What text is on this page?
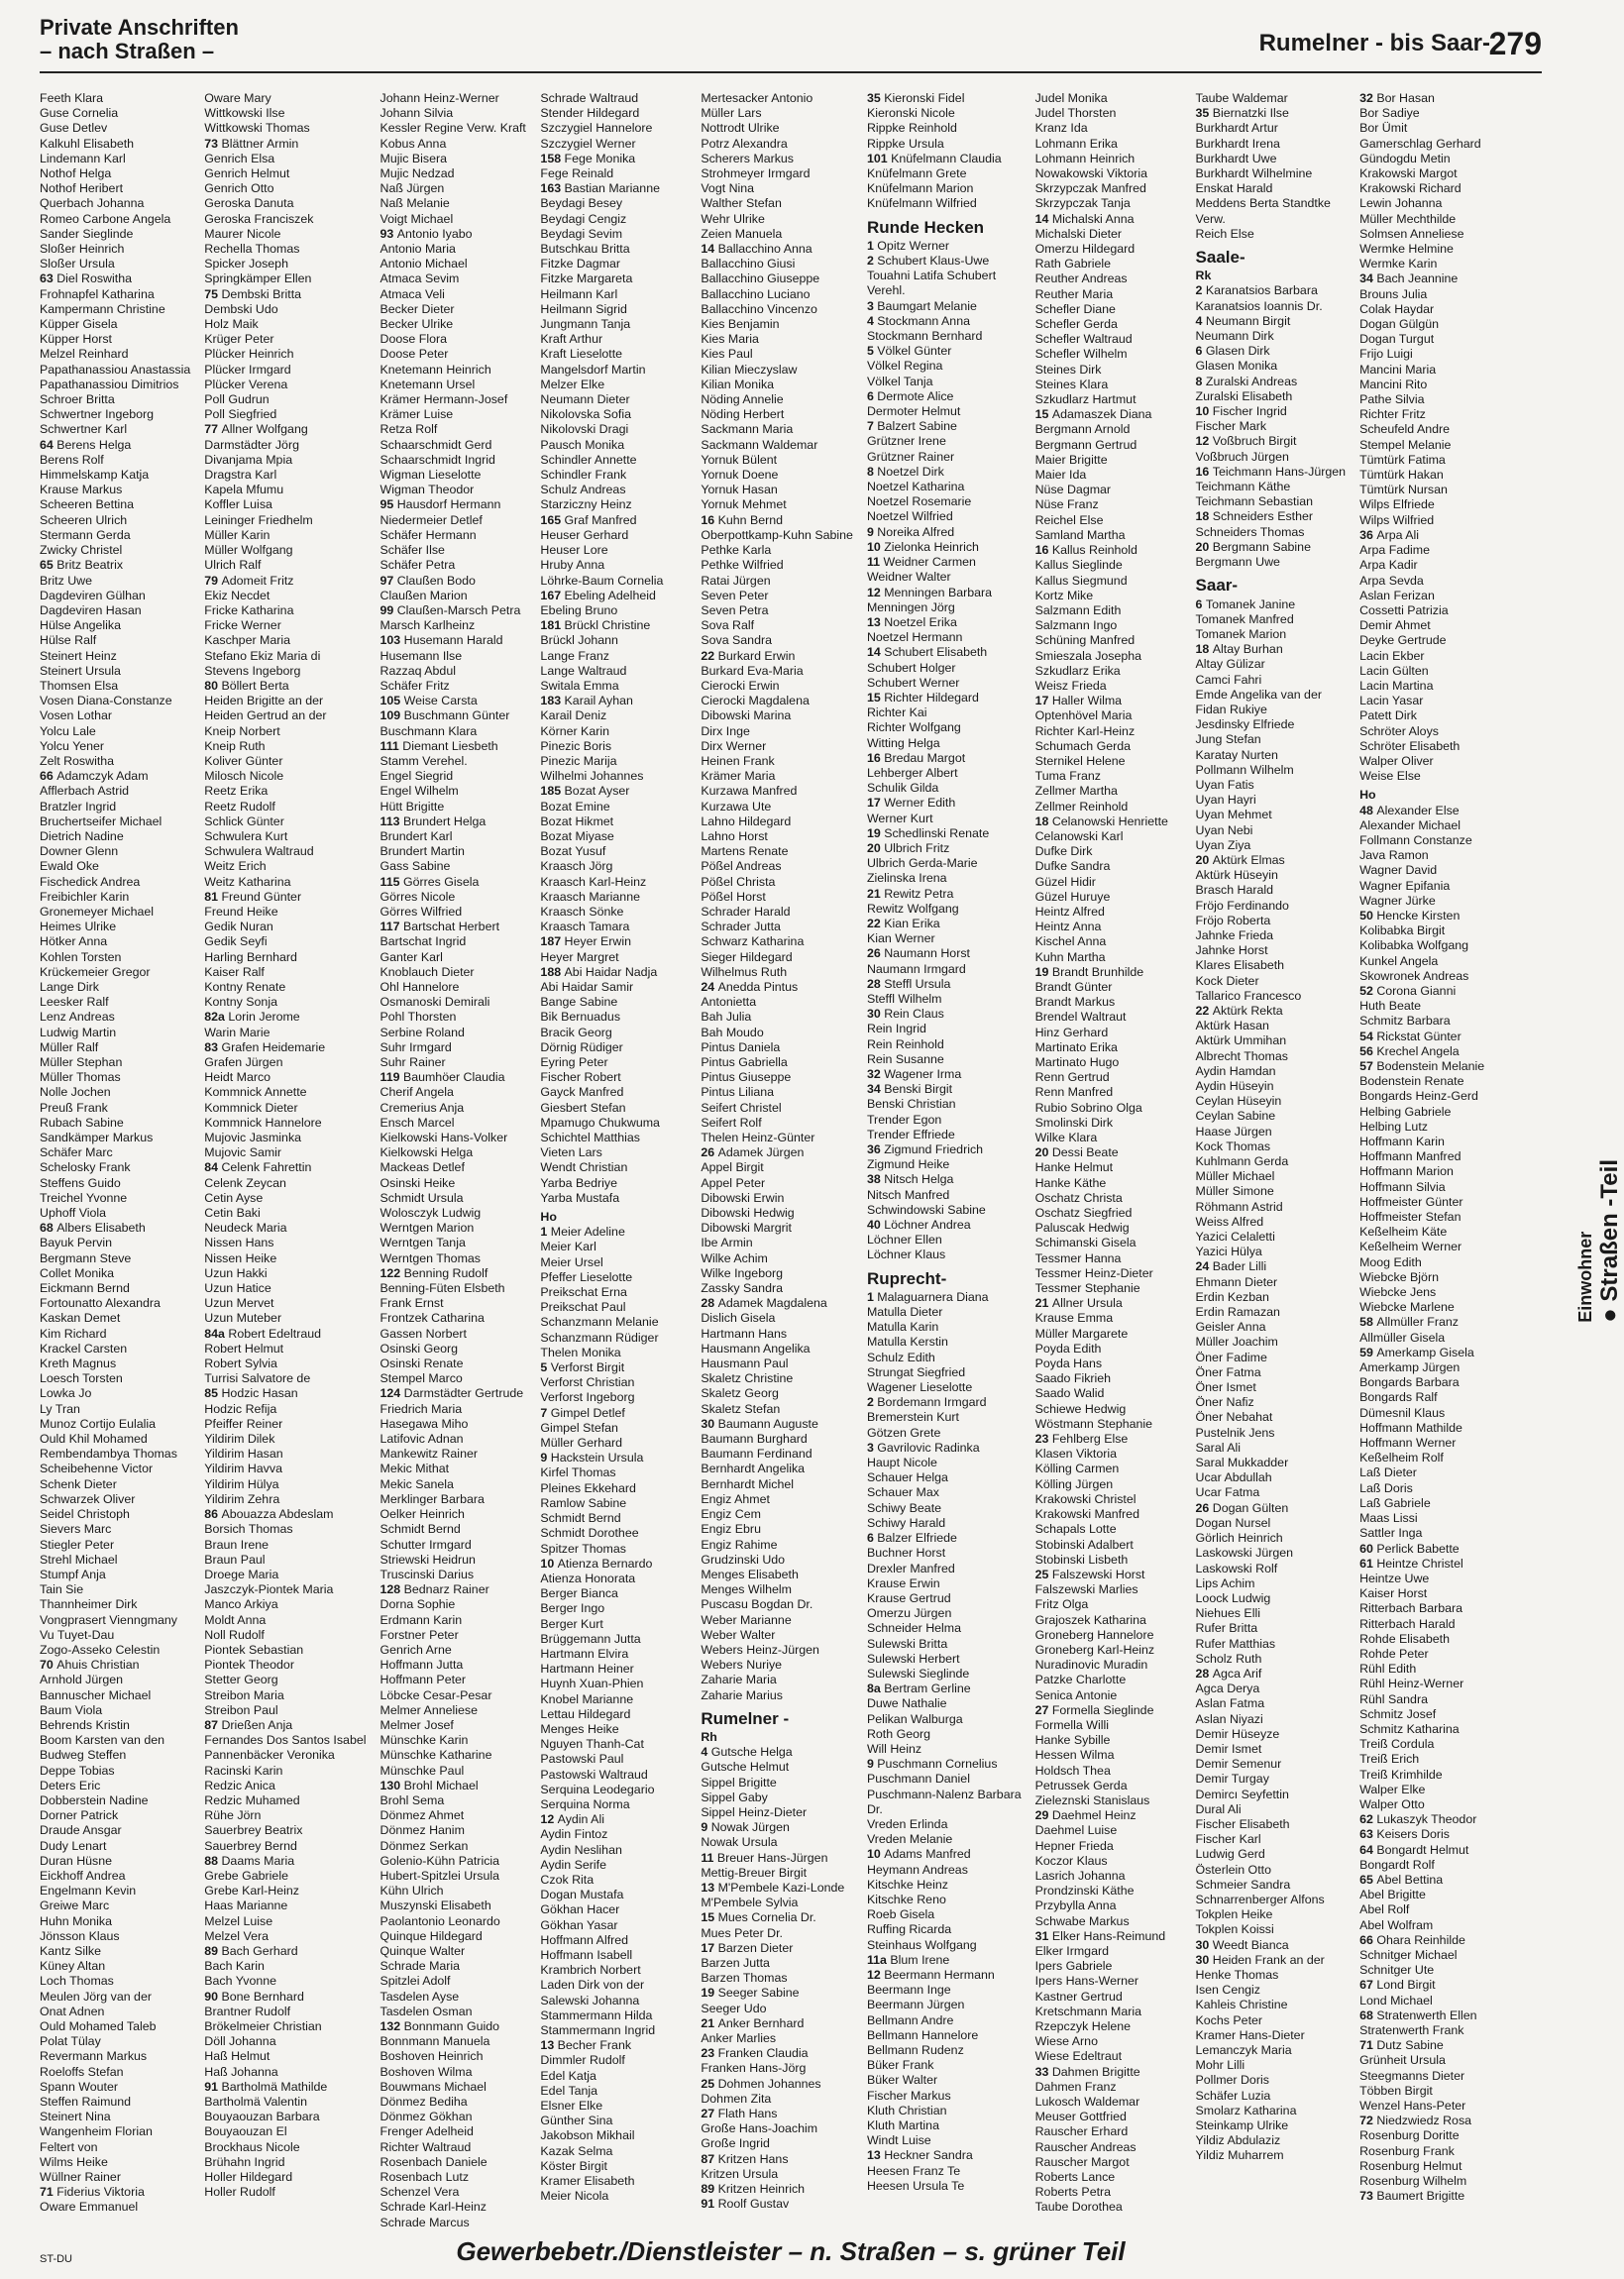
Private Anschriften
– nach Straßen –	Rumelner - bis Saar-
279
Feeth Klara
Guse Cornelia
Guse Detlev
Kalkuhl Elisabeth
Lindemann Karl
Nothof Helga
Nothof Heribert
Querbach Johanna
Romeo Carbone Angela
Sander Sieglinde
Sloßer Heinrich
Sloßer Ursula
63 Diel Roswitha
Frohnapfel Katharina
Kampermann Christine
Küpper Gisela
Küpper Horst
Melzel Reinhard
Papathanassiou Anastassia
Papathanassiou Dimitrios
Schroer Britta
Schwertner Ingeborg
Schwertner Karl
64 Berens Helga
Berens Rolf
Himmelskamp Katja
Krause Markus
Scheeren Bettina
Scheeren Ulrich
Stermann Gerda
Zwicky Christel
65 Britz Beatrix
Britz Uwe
Dagdeviren Gülhan
Dagdeviren Hasan
Hülse Angelika
Hülse Ralf
Steinert Heinz
Steinert Ursula
Thomsen Elsa
Vosen Diana-Constanze
Vosen Lothar
Yolcu Lale
Yolcu Yener
Zelt Roswitha
66 Adamczyk Adam
Afflerbach Astrid
Bratzler Ingrid
Bruchertseifer Michael
Dietrich Nadine
Downer Glenn
Ewald Oke
Fischedick Andrea
Freibichler Karin
Gronemeyer Michael
Heimes Ulrike
Hötker Anna
Kohlen Torsten
Krückemeier Gregor
Lange Dirk
Leesker Ralf
Lenz Andreas
Ludwig Martin
Müller Ralf
Müller Stephan
Müller Thomas
Nolle Jochen
Preuß Frank
Rubach Sabine
Sandkämper Markus
Schäfer Marc
Schelosky Frank
Steffens Guido
Treichel Yvonne
Uphoff Viola
68 Albers Elisabeth
Bayuk Pervin
Bergmann Steve
Collet Monika
Eickmann Bernd
Fortounatto Alexandra
Kaskan Demet
Kim Richard
Krackel Carsten
Kreth Magnus
Loesch Torsten
Lowka Jo
Ly Tran
Munoz Cortijo Eulalia
Ould Khil Mohamed
Rembendambya Thomas
Scheibehenne Victor
Schenk Dieter
Schwarzek Oliver
Seidel Christoph
Sievers Marc
Stiegler Peter
Strehl Michael
Stumpf Anja
Tain Sie
Thannheimer Dirk
Vongprasert Vienngmany
Vu Tuyet-Dau
Zogo-Asseko Celestin
70 Ahuis Christian
Arnhold Jürgen
Bannuscher Michael
Baum Viola
Behrends Kristin
Boom Karsten van den
Budweg Steffen
Deppe Tobias
Deters Eric
Dobberstein Nadine
Dorner Patrick
Draude Ansgar
Dudy Lenart
Duran Hüsne
Eickhoff Andrea
Engelmann Kevin
Greiwe Marc
Huhn Monika
Jönsson Klaus
Kantz Silke
Küney Altan
Loch Thomas
Meulen Jörg van der
Onat Adnen
Ould Mohamed Taleb
Polat Tülay
Revermann Markus
Roeloffs Stefan
Spann Wouter
Steffen Raimund
Steinert Nina
Wangenheim Florian
Feltert von
Wilms Heike
Wüllner Rainer
71 Fiderius Viktoria
Oware Emmanuel
Oware Mary
Wittkowski Ilse
Wittkowski Thomas
73 Blättner Armin
Genrich Elsa
Genrich Helmut
Genrich Otto
Geroska Danuta
Geroska Franciszek
Maurer Nicole
Rechella Thomas
Spicker Joseph
Springkämper Ellen
75 Dembski Britta
Dembski Udo
Holz Maik
Krüger Peter
Plücker Heinrich
Plücker Irmgard
Plücker Verena
Poll Gudrun
Poll Siegfried
77 Allner Wolfgang
Darmstädter Jörg
Divanjama Mpia
Dragstra Karl
Kapela Mfumu
Koffler Luisa
Leininger Friedhelm
Müller Karin
Müller Wolfgang
Ulrich Ralf
79 Adomeit Fritz
Ekiz Necdet
Fricke Katharina
Fricke Werner
Kaschper Maria
Stefano Ekiz Maria di
Stevens Ingeborg
80 Böllert Berta
Heiden Brigitte an der
Heiden Gertrud an der
Kneip Norbert
Kneip Ruth
Koliver Günter
Milosch Nicole
Reetz Erika
Reetz Rudolf
Schlick Günter
Schwulera Kurt
Schwulera Waltraud
Weitz Erich
Weitz Katharina
81 Freund Günter
Freund Heike
Gedik Nuran
Gedik Seyfi
Harling Bernhard
Kaiser Ralf
Kontny Renate
Kontny Sonja
82a Lorin Jerome
Warin Marie
83 Grafen Heidemarie
Grafen Jürgen
Heidt Marco
Kommnick Annette
Kommnick Dieter
Kommnick Hannelore
Mujovic Jasminka
Mujovic Samir
84 Celenk Fahrettin
Celenk Zeycan
Cetin Ayse
Cetin Baki
Neudeck Maria
Nissen Hans
Nissen Heike
Uzun Hakki
Uzun Hatice
Uzun Mervet
Uzun Muteber
84a Robert Edeltraud
Robert Helmut
Robert Sylvia
Turrisi Salvatore de
85 Hodzic Hasan
Hodzic Refija
Pfeiffer Reiner
Yildirim Dilek
Yildirim Hasan
Yildirim Havva
Yildirim Hülya
Yildirim Zehra
86 Abouazza Abdeslam
Borsich Thomas
Braun Irene
Braun Paul
Droege Maria
Jaszczyk-Piontek Maria
Manco Arkiya
Moldt Anna
Noll Rudolf
Piontek Sebastian
Piontek Theodor
Stetter Georg
Streibon Maria
Streibon Paul
87 Drießen Anja
Fernandes Dos Santos Isabel
Pannenbäcker Veronika
Racinski Karin
Redzic Anica
Redzic Muhamed
Rühe Jörn
Sauerbrey Beatrix
Sauerbrey Bernd
88 Daams Maria
Grebe Gabriele
Grebe Karl-Heinz
Haas Marianne
Melzel Luise
Melzel Vera
89 Bach Gerhard
Bach Karin
Bach Yvonne
90 Bone Bernhard
Brantner Rudolf
Brökelmeier Christian
Döll Johanna
Haß Helmut
Haß Johanna
91 Bartholmä Mathilde
Bartholmä Valentin
Bouyaouzan Barbara
Bouyaouzan El
Brockhaus Nicole
Brühahn Ingrid
Holler Hildegard
Holler Rudolf
Johann Heinz-Werner
Johann Silvia
Kessler Regine Verw. Kraft
Kobus Anna
Mujic Bisera
Mujic Nedzad
Naß Jürgen
Naß Melanie
Voigt Michael
93 Antonio Iyabo
Antonio Maria
Antonio Michael
Atmaca Sevim
Atmaca Veli
Becker Dieter
Becker Ulrike
Doose Flora
Doose Peter
Knetemann Heinrich
Knetemann Ursel
Krämer Hermann-Josef
Krämer Luise
Retza Rolf
Schaarschmidt Gerd
Schaarschmidt Ingrid
Wigman Lieselotte
Wigman Theodor
95 Hausdorf Hermann
Niedermeier Detlef
Schäfer Hermann
Schäfer Ilse
Schäfer Petra
97 Claußen Bodo
Claußen Marion
99 Claußen-Marsch Petra
Marsch Karlheinz
103 Husemann Harald
Husemann Ilse
Razzaq Abdul
Schäfer Fritz
105 Weise Carsta
109 Buschmann Günter
Buschmann Klara
111 Diemant Liesbeth
Stamm Verehel.
Engel Siegrid
Engel Wilhelm
Hütt Brigitte
113 Brundert Helga
Brundert Karl
Brundert Martin
Gass Sabine
115 Görres Gisela
Görres Nicole
Görres Wilfried
117 Bartschat Herbert
Bartschat Ingrid
Ganter Karl
Knoblauch Dieter
Ohl Hannelore
Osmanoski Demirali
Pohl Thorsten
Serbine Roland
Suhr Irmgard
Suhr Rainer
119 Baumhöer Claudia
Cherif Angela
Cremerius Anja
Ensch Marcel
Kielkowski Hans-Volker
Kielkowski Helga
Mackeas Detlef
Osinski Heike
Schmidt Ursula
Wolosczyk Ludwig
Werntgen Marion
Werntgen Tanja
Werntgen Thomas
122 Benning Rudolf
Benning-Füten Elsbeth
Frank Ernst
Frontzek Catharina
Gassen Norbert
Osinski Georg
Osinski Renate
Stempel Marco
124 Darmstädter Gertrude
Friedrich Maria
Hasegawa Miho
Latifovic Adnan
Mankewitz Rainer
Mekic Mithat
Mekic Sanela
Merklinger Barbara
Oelker Heinrich
Schmidt Bernd
Schutter Irmgard
Striewski Heidrun
Truscinski Darius
128 Bednarz Rainer
Dorna Sophie
Erdmann Karin
Forstner Peter
Genrich Arne
Hoffmann Jutta
Hoffmann Peter
Löbcke Cesar-Pesar
Melmer Anneliese
Melmer Josef
Münschke Karin
Münschke Katharine
Münschke Paul
130 Brohl Michael
Brohl Sema
Dönmez Ahmet
Dönmez Hanim
Dönmez Serkan
Golenio-Kühn Patricia
Hubert-Spitzlei Ursula
Kühn Ulrich
Muszynski Elisabeth
Paolantonio Leonardo
Quinque Hildegard
Quinque Walter
Schrade Maria
Spitzlei Adolf
Tasdelen Ayse
Tasdelen Osman
132 Bonnmann Guido
Bonnmann Manuela
Boshoven Heinrich
Boshoven Wilma
Bouwmans Michael
Dönmez Bediha
Dönmez Gökhan
Frenger Adelheid
Richter Waltraud
Rosenbach Daniele
Rosenbach Lutz
Schenzel Vera
Schrade Karl-Heinz
Schrade Marcus
Schrade Waltraud
Stender Hildegard
Szczygiel Hannelore
Szczygiel Werner
158 Fege Monika
Fege Reinald
163 Bastian Marianne
Beydagi Besey
Beydagi Cengiz
Beydagi Sevim
Butschkau Britta
Fitzke Dagmar
Fitzke Margareta
Heilmann Karl
Heilmann Sigrid
Jungmann Tanja
Kraft Arthur
Kraft Lieselotte
Mangelsdorf Martin
Melzer Elke
Neumann Dieter
Nikolovska Sofia
Nikolovski Dragi
Pausch Monika
Schindler Annette
Schindler Frank
Schulz Andreas
Starziczny Heinz
165 Graf Manfred
Heuser Gerhard
Heuser Lore
Hruby Anna
Löhrke-Baum Cornelia
167 Ebeling Adelheid
Ebeling Bruno
181 Brückl Christine
Brückl Johann
Lange Franz
Lange Waltraud
Switala Emma
183 Karail Ayhan
Karail Deniz
Körner Karin
Pinezic Boris
Pinezic Marija
Wilhelmi Johannes
185 Bozat Ayser
Bozat Emine
Bozat Hikmet
Bozat Miyase
Bozat Yusuf
Kraasch Jörg
Kraasch Karl-Heinz
Kraasch Marianne
Kraasch Sönke
Kraasch Tamara
187 Heyer Erwin
Heyer Margret
188 Abi Haidar Nadja
Abi Haidar Samir
Bange Sabine
Bik Bernuadus
Bracik Georg
Dörnig Rüdiger
Eyring Peter
Fischer Robert
Gayck Manfred
Giesbert Stefan
Mpamugo Chukwuma
Schichtel Matthias
Vieten Lars
Wendt Christian
Yarba Bedriye
Yarba Mustafa
Ho
1 Meier Adeline
Meier Karl
Meier Ursel
Pfeffer Lieselotte
Preikschat Erna
Preikschat Paul
Schanzmann Melanie
Schanzmann Rüdiger
Thelen Monika
5 Verforst Birgit
Verforst Christian
Verforst Ingeborg
7 Gimpel Detlef
Gimpel Stefan
Müller Gerhard
9 Hackstein Ursula
Kirfel Thomas
Pleines Ekkehard
Ramlow Sabine
Schmidt Bernd
Schmidt Dorothee
Spitzer Thomas
10 Atienza Bernardo
Atienza Honorata
Berger Bianca
Berger Ingo
Berger Kurt
Brüggemann Jutta
Hartmann Elvira
Hartmann Heiner
Huynh Xuan-Phien
Knobel Marianne
Lettau Hildegard
Menges Heike
Nguyen Thanh-Cat
Pastowski Paul
Pastowski Waltraud
Serquina Leodegario
Serquina Norma
12 Aydin Ali
Aydin Fintoz
Aydin Neslihan
Aydin Serife
Czok Rita
Dogan Mustafa
Gökhan Hacer
Gökhan Yasar
Hoffmann Alfred
Hoffmann Isabell
Krambrich Norbert
Laden Dirk von der
Salewski Johanna
Stammermann Hilda
Stammermann Ingrid
13 Becher Frank
Dimmler Rudolf
Edel Katja
Edel Tanja
Elsner Elke
Günther Sina
Jakobson Mikhail
Kazak Selma
Köster Birgit
Kramer Elisabeth
Meier Nicola
Mertesacker Antonio
Müller Lars
Nottrodt Ulrike
Potrz Alexandra
Scherers Markus
Strohmeyer Irmgard
Vogt Nina
Walther Stefan
Wehr Ulrike
Zeien Manuela
14 Ballacchino Anna
Ballacchino Giusi
Ballacchino Giuseppe
Ballacchino Luciano
Ballacchino Vincenzo
Kies Benjamin
Kies Maria
Kies Paul
Kilian Mieczyslaw
Kilian Monika
Nöding Annelie
Nöding Herbert
Sackmann Maria
Sackmann Waldemar
Yornuk Bülent
Yornuk Doene
Yornuk Hasan
Yornuk Mehmet
16 Kuhn Bernd
Oberpottkamp-Kuhn Sabine
Pethke Karla
Pethke Wilfried
Ratai Jürgen
Seven Peter
Seven Petra
Sova Ralf
Sova Sandra
22 Burkard Erwin
Burkard Eva-Maria
Cierocki Erwin
Cierocki Magdalena
Dibowski Marina
Dirx Inge
Dirx Werner
Heinen Frank
Krämer Maria
Kurzawa Manfred
Kurzawa Ute
Lahno Hildegard
Lahno Horst
Martens Renate
Pößel Andreas
Pößel Christa
Pößel Horst
Schrader Harald
Schrader Jutta
Schwarz Katharina
Sieger Hildegard
Wilhelmus Ruth
24 Anedda Pintus
Antonietta
Bah Julia
Bah Moudo
Pintus Daniela
Pintus Gabriella
Pintus Giuseppe
Pintus Liliana
Seifert Christel
Seifert Rolf
Thelen Heinz-Günter
26 Adamek Jürgen
Appel Birgit
Appel Peter
Dibowski Erwin
Dibowski Hedwig
Dibowski Margrit
Ibe Armin
Wilke Achim
Wilke Ingeborg
Zassky Sandra
28 Adamek Magdalena
Dislich Gisela
Hartmann Hans
Hausmann Angelika
Hausmann Paul
Skaletz Christine
Skaletz Georg
Skaletz Stefan
30 Baumann Auguste
Baumann Burghard
Baumann Ferdinand
Bernhardt Angelika
Bernhardt Michel
Engiz Ahmet
Engiz Cem
Engiz Ebru
Engiz Rahime
Grudzinski Udo
Menges Elisabeth
Menges Wilhelm
Puscasu Bogdan Dr.
Weber Marianne
Weber Walter
Webers Heinz-Jürgen
Webers Nuriye
Zaharie Maria
Zaharie Marius
Rumelner -
Rh
4 Gutsche Helga
Gutsche Helmut
Sippel Brigitte
Sippel Gaby
Sippel Heinz-Dieter
9 Nowak Jürgen
Nowak Ursula
11 Breuer Hans-Jürgen
Mettig-Breuer Birgit
13 M'Pembele Kazi-Londe
M'Pembele Sylvia
15 Mues Cornelia Dr.
Mues Peter Dr.
17 Barzen Dieter
Barzen Jutta
Barzen Thomas
19 Seeger Sabine
Seeger Udo
21 Anker Bernhard
Anker Marlies
23 Franken Claudia
Franken Hans-Jörg
25 Dohmen Johannes
Dohmen Zita
27 Flath Hans
Große Hans-Joachim
Große Ingrid
87 Kritzen Hans
Kritzen Ursula
89 Kritzen Heinrich
91 Roolf Gustav
35 Kieronski Fidel
Kieronski Nicole
Rippke Reinhold
Rippke Ursula
101 Knüfelmann Claudia
Knüfelmann Grete
Knüfelmann Marion
Knüfelmann Wilfried
Runde Hecken
1 Opitz Werner
2 Schubert Klaus-Uwe
Touahni Latifa Schubert
Verehl.
3 Baumgart Melanie
4 Stockmann Anna
Stockmann Bernhard
5 Völkel Günter
Völkel Regina
Völkel Tanja
6 Dermote Alice
Dermoter Helmut
7 Balzert Sabine
Grützner Irene
Grützner Rainer
8 Noetzel Dirk
Noetzel Katharina
Noetzel Rosemarie
Noetzel Wilfried
9 Noreika Alfred
10 Zielonka Heinrich
11 Weidner Carmen
Weidner Walter
12 Menningen Barbara
Menningen Jörg
13 Noetzel Erika
Noetzel Hermann
14 Schubert Elisabeth
Schubert Holger
Schubert Werner
15 Richter Hildegard
Richter Kai
Richter Wolfgang
Witting Helga
16 Bredau Margot
Lehberger Albert
Schulik Gilda
17 Werner Edith
Werner Kurt
19 Schedlinski Renate
20 Ulbrich Fritz
Ulbrich Gerda-Marie
Zielinska Irena
21 Rewitz Petra
Rewitz Wolfgang
22 Kian Erika
Kian Werner
26 Naumann Horst
Naumann Irmgard
28 Steffl Ursula
Steffl Wilhelm
30 Rein Claus
Rein Ingrid
Rein Reinhold
Rein Susanne
32 Wagener Irma
34 Benski Birgit
Benski Christian
Trender Egon
Trender Effriede
36 Zigmund Friedrich
Zigmund Heike
38 Nitsch Helga
Nitsch Manfred
Schwindowski Sabine
40 Löchner Andrea
Löchner Ellen
Löchner Klaus
Ruprecht-
1 Malaguarnera Diana
Matulla Dieter
Matulla Karin
Matulla Kerstin
Schulz Edith
Strungat Siegfried
Wagener Lieselotte
2 Bordemann Irmgard
Bremerstein Kurt
Götzen Grete
3 Gavrilovic Radinka
Haupt Nicole
Schauer Helga
Schauer Max
Schiwy Beate
Schiwy Harald
6 Balzer Elfriede
Buchner Horst
Drexler Manfred
Krause Erwin
Krause Gertrud
Omerzu Jürgen
Schneider Helma
Sulewski Britta
Sulewski Herbert
Sulewski Sieglinde
8a Bertram Gerline
Duwe Nathalie
Pelikan Walburga
Roth Georg
Will Heinz
9 Puschmann Cornelius
Puschmann Daniel
Puschmann-Nalenz Barbara
Dr.
Vreden Erlinda
Vreden Melanie
10 Adams Manfred
Heymann Andreas
Kitschke Heinz
Kitschke Reno
Roeb Gisela
Ruffing Ricarda
Steinhaus Wolfgang
11a Blum Irene
12 Beermann Hermann
Beermann Inge
Beermann Jürgen
Bellmann Andre
Bellmann Hannelore
Bellmann Rudenz
Büker Frank
Büker Walter
Fischer Markus
Kluth Christian
Kluth Martina
Windt Luise
13 Heckner Sandra
Heesen Franz Te
Heesen Ursula Te
Judel Monika
Judel Thorsten
Kranz Ida
Lohmann Erika
Lohmann Heinrich
Nowakowski Viktoria
Skrzypczak Manfred
Skrzypczak Tanja
14 Michalski Anna
Michalski Dieter
Omerzu Hildegard
Rath Gabriele
Reuther Andreas
Reuther Maria
Schefler Diane
Schefler Gerda
Schefler Waltraud
Schefler Wilhelm
Steines Dirk
Steines Klara
Szkudlarz Hartmut
15 Adamaszek Diana
Bergmann Arnold
Bergmann Gertrud
Maier Brigitte
Maier Ida
Nüse Dagmar
Nüse Franz
Reichel Else
Samland Martha
16 Kallus Reinhold
Kallus Sieglinde
Kallus Siegmund
Kortz Mike
Salzmann Edith
Salzmann Ingo
Schüning Manfred
Smieszala Josepha
Szkudlarz Erika
Weisz Frieda
17 Haller Wilma
Optenhövel Maria
Richter Karl-Heinz
Schumach Gerda
Sternikel Helene
Tuma Franz
Zellmer Martha
Zellmer Reinhold
18 Celanowski Henriette
Celanowski Karl
Dufke Dirk
Dufke Sandra
Güzel Hidir
Güzel Huruye
Heintz Alfred
Heintz Anna
Kischel Anna
Kuhn Martha
19 Brandt Brunhilde
Brandt Günter
Brandt Markus
Brendel Waltraut
Hinz Gerhard
Martinato Erika
Martinato Hugo
Renn Gertrud
Renn Manfred
Rubio Sobrino Olga
Smolinski Dirk
Wilke Klara
20 Dessi Beate
Hanke Helmut
Hanke Käthe
Oschatz Christa
Oschatz Siegfried
Paluscak Hedwig
Schimanski Gisela
Tessmer Hanna
Tessmer Heinz-Dieter
Tessmer Stephanie
21 Allner Ursula
Krause Emma
Müller Margarete
Poyda Edith
Poyda Hans
Saado Fikrieh
Saado Walid
Schiewe Hedwig
Wöstmann Stephanie
23 Fehlberg Else
Klasen Viktoria
Kölling Carmen
Kölling Jürgen
Krakowski Christel
Krakowski Manfred
Schapals Lotte
Stobinski Adalbert
Stobinski Lisbeth
25 Falszewski Horst
Falszewski Marlies
Fritz Olga
Grajoszek Katharina
Groneberg Hannelore
Groneberg Karl-Heinz
Nuradinovic Muradin
Patzke Charlotte
Senica Antonie
27 Formella Sieglinde
Formella Willi
Hanke Sybille
Hessen Wilma
Holdsch Thea
Petrussek Gerda
Zieleznski Stanislaus
29 Daehmel Heinz
Daehmel Luise
Hepner Frieda
Koczor Klaus
Lasrich Johanna
Prondzinski Käthe
Przybylla Anna
Schwabe Markus
31 Elker Hans-Reimund
Elker Irmgard
Ipers Gabriele
Ipers Hans-Werner
Kastner Gertrud
Kretschmann Maria
Rzepczyk Helene
Wiese Arno
Wiese Edeltraut
33 Dahmen Brigitte
Dahmen Franz
Lukosch Waldemar
Meuser Gottfried
Rauscher Erhard
Rauscher Andreas
Rauscher Margot
Roberts Lance
Roberts Petra
Taube Dorothea
Taube Waldemar
35 Biernatzki Ilse
Burkhardt Artur
Burkhardt Irena
Burkhardt Uwe
Burkhardt Wilhelmine
Enskat Harald
Meddens Berta Standtke
Verw.
Reich Else
Saale-
Rk
2 Karanatsios Barbara
Karanatsios Ioannis Dr.
4 Neumann Birgit
Neumann Dirk
6 Glasen Dirk
Glasen Monika
8 Zuralski Andreas
Zuralski Elisabeth
10 Fischer Ingrid
Fischer Mark
12 Voßbruch Birgit
Voßbruch Jürgen
16 Teichmann Hans-Jürgen
Teichmann Käthe
Teichmann Sebastian
18 Schneiders Esther
Schneiders Thomas
20 Bergmann Sabine
Bergmann Uwe
Saar-
6 Tomanek Janine
Tomanek Manfred
Tomanek Marion
18 Altay Burhan
Altay Gülizar
Camci Fahri
Emde Angelika van der
Fidan Rukiye
Jesdinsky Elfriede
Jung Stefan
Karatay Nurten
Pollmann Wilhelm
Uyan Fatis
Uyan Hayri
Uyan Mehmet
Uyan Nebi
Uyan Ziya
20 Aktürk Elmas
Aktürk Hüseyin
Brasch Harald
Fröjo Ferdinando
Fröjo Roberta
Jahnke Frieda
Jahnke Horst
Klares Elisabeth
Kock Dieter
Tallarico Francesco
22 Aktürk Rekta
Aktürk Hasan
Aktürk Ummihan
Albrecht Thomas
Aydin Hamdan
Aydin Hüseyin
Ceylan Hüseyin
Ceylan Sabine
Haase Jürgen
Kock Thomas
Kuhlmann Gerda
Müller Michael
Müller Simone
Röhmann Astrid
Weiss Alfred
Yazici Celaletti
Yazici Hülya
24 Bader Lilli
Ehmann Dieter
Erdin Kezban
Erdin Ramazan
Geisler Anna
Müller Joachim
Öner Fadime
Öner Fatma
Öner Ismet
Öner Nafiz
Öner Nebahat
Pustelnik Jens
Saral Ali
Saral Mukkadder
Ucar Abdullah
Ucar Fatma
26 Dogan Gülten
Dogan Nursel
Görlich Heinrich
Laskowski Jürgen
Laskowski Rolf
Lips Achim
Loock Ludwig
Niehues Elli
Rufer Britta
Rufer Matthias
Scholz Ruth
28 Agca Arif
Agca Derya
Aslan Fatma
Aslan Niyazi
Demir Hüseyze
Demir Ismet
Demir Semenur
Demir Turgay
Demircı Seyfettin
Dural Ali
Fischer Elisabeth
Fischer Karl
Ludwig Gerd
Österlein Otto
Schmeier Sandra
Schnarrenberger Alfons
Tokplen Heike
Tokplen Koissi
30 Weedt Bianca
30 Heiden Frank an der
Henke Thomas
Isen Cengiz
Kahleis Christine
Kochs Peter
Kramer Hans-Dieter
Lemanczyk Maria
Mohr Lilli
Pollmer Doris
Schäfer Luzia
Smolarz Katharina
Steinkamp Ulrike
Yildiz Abdulaziz
Yildiz Muharrem
32 Bor Hasan
Bor Sadiye
Bor Ümit
Gamerschlag Gerhard
Gündogdu Metin
Krakowski Margot
Krakowski Richard
Lewin Johanna
Müller Mechthilde
Solmsen Anneliese
Wermke Helmine
Wermke Karin
34 Bach Jeannine
Brouns Julia
Colak Haydar
Dogan Gülgün
Dogan Turgut
Frijo Luigi
Mancini Maria
Mancini Rito
Pathe Silvia
Richter Fritz
Scheufeld Andre
Stempel Melanie
Tümtürk Fatima
Tümtürk Hakan
Tümtürk Nursan
Wilps Elfriede
Wilps Wilfried
36 Arpa Ali
Arpa Fadime
Arpa Kadir
Arpa Sevda
Aslan Ferizan
Cossetti Patrizia
Demir Ahmet
Deyke Gertrude
Lacin Ekber
Lacin Gülten
Lacin Martina
Lacin Yasar
Patett Dirk
Schröter Aloys
Schröter Elisabeth
Walper Oliver
Weise Else
Ho
48 Alexander Else
Alexander Michael
Follmann Constanze
Java Ramon
Wagner David
Wagner Epifania
Wagner Jürke
50 Hencke Kirsten
Kolibabka Birgit
Kolibabka Wolfgang
Kunkel Angela
Skowronek Andreas
52 Corona Gianni
Huth Beate
Schmitz Barbara
54 Rickstat Günter
56 Krechel Angela
57 Bodenstein Melanie
Bodenstein Renate
Bongards Heinz-Gerd
Helbing Gabriele
Helbing Lutz
Hoffmann Karin
Hoffmann Manfred
Hoffmann Marion
Hoffmann Silvia
Hoffmeister Günter
Hoffmeister Stefan
Keßelheim Käte
Keßelheim Werner
Moog Edith
Wiebcke Björn
Wiebcke Jens
Wiebcke Marlene
58 Allmüller Franz
Allmüller Gisela
59 Amerkamp Gisela
Amerkamp Jürgen
Bongards Barbara
Bongards Ralf
Dümesnil Klaus
Hoffmann Mathilde
Hoffmann Werner
Keßelheim Rolf
Laß Dieter
Laß Doris
Laß Gabriele
Maas Lissi
Sattler Inga
60 Perlick Babette
61 Heintze Christel
Heintze Uwe
Kaiser Horst
Ritterbach Barbara
Ritterbach Harald
Rohde Elisabeth
Rohde Peter
Rühl Edith
Rühl Heinz-Werner
Rühl Sandra
Schmitz Josef
Schmitz Katharina
Treiß Cordula
Treiß Erich
Treiß Krimhilde
Walper Elke
Walper Otto
62 Lukaszyk Theodor
63 Keisers Doris
64 Bongardt Helmut
Bongardt Rolf
65 Abel Bettina
Abel Brigitte
Abel Rolf
Abel Wolfram
66 Ohara Reinhilde
Schnitger Michael
Schnitger Ute
67 Lond Birgit
Lond Michael
68 Stratenwerth Ellen
Stratenwerth Frank
71 Dutz Sabine
Grünheit Ursula
Steegmanns Dieter
Többen Birgit
Wenzel Hans-Peter
72 Niedzwiedz Rosa
Rosenburg Doritte
Rosenburg Frank
Rosenburg Helmut
Rosenburg Wilhelm
73 Baumert Brigitte
Einwohner ● Straßen -Teil
ST-DU	Gewerbebetr./Dienstleister – n. Straßen – s. grüner Teil
